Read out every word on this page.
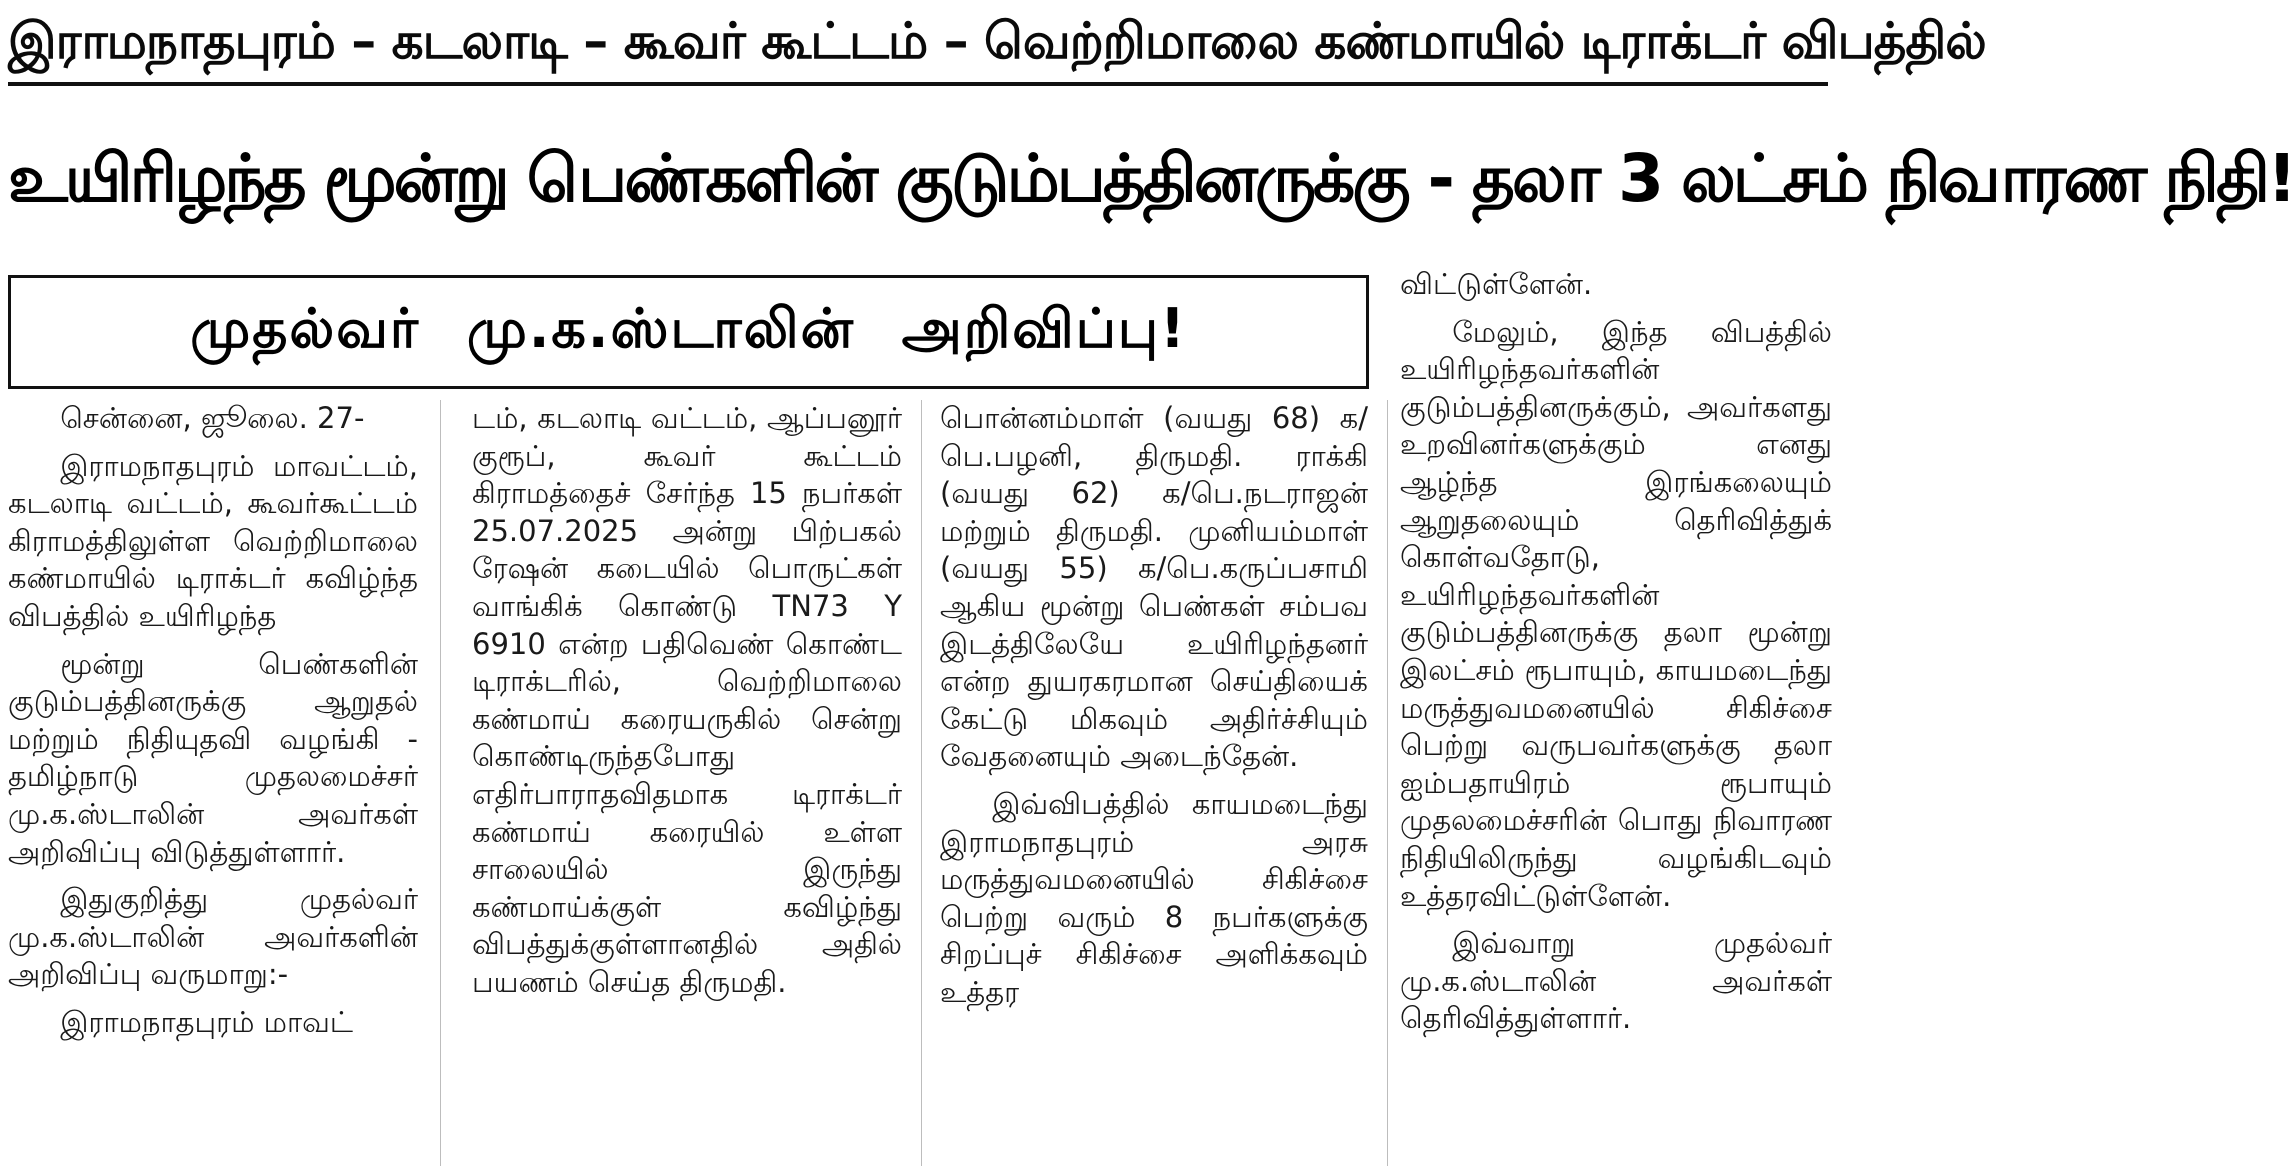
இராமநாதபுரம் – கடலாடி – கூவர் கூட்டம் – வெற்றிமாலை கண்மாயில் டிராக்டர் விபத்தில்
உயிரிழந்த மூன்று பெண்களின் குடும்பத்தினருக்கு - தலா 3 லட்சம் நிவாரண நிதி!
முதல்வர் மு.க.ஸ்டாலின் அறிவிப்பு!

சென்னை, ஜூலை. 27-

இராமநாதபுரம் மாவட்டம், கடலாடி வட்டம், கூவர்கூட்டம் கிராமத்திலுள்ள வெற்றிமாலை கண்மாயில் டிராக்டர் கவிழ்ந்த விபத்தில் உயிரிழந்த

மூன்று பெண்களின் குடும்பத்தினருக்கு ஆறுதல் மற்றும் நிதியுதவி வழங்கி - தமிழ்நாடு முதலமைச்சர் மு.க.ஸ்டாலின் அவர்கள் அறிவிப்பு விடுத்துள்ளார்.

இதுகுறித்து முதல்வர் மு.க.ஸ்டாலின் அவர்களின் அறிவிப்பு வருமாறு:-

இராமநாதபுரம் மாவட்

டம், கடலாடி வட்டம், ஆப்பனூர் குரூப், கூவர் கூட்டம் கிராமத்தைச் சேர்ந்த 15 நபர்கள் 25.07.2025 அன்று பிற்பகல் ரேஷன் கடையில் பொருட்கள் வாங்கிக் கொண்டு TN73 Y 6910 என்ற பதிவெண் கொண்ட டிராக்டரில், வெற்றிமாலை கண்மாய் கரையருகில் சென்று கொண்டிருந்தபோது எதிர்பாராதவிதமாக டிராக்டர் கண்மாய் கரையில் உள்ள சாலையில் இருந்து கண்மாய்க்குள் கவிழ்ந்து விபத்துக்குள்ளானதில் அதில் பயணம் செய்த திருமதி.

பொன்னம்மாள் (வயது 68) க/பெ.பழனி, திருமதி. ராக்கி (வயது 62) க/பெ.நடராஜன் மற்றும் திருமதி. முனியம்மாள் (வயது 55) க/பெ.கருப்பசாமி ஆகிய மூன்று பெண்கள் சம்பவ இடத்திலேயே உயிரிழந்தனர் என்ற துயரகரமான செய்தியைக் கேட்டு மிகவும் அதிர்ச்சியும் வேதனையும் அடைந்தேன்.

இவ்விபத்தில் காயமடைந்து இராமநாதபுரம் அரசு மருத்துவமனையில் சிகிச்சை பெற்று வரும் 8 நபர்களுக்கு சிறப்புச் சிகிச்சை அளிக்கவும் உத்தர

விட்டுள்ளேன்.

மேலும், இந்த விபத்தில் உயிரிழந்தவர்களின் குடும்பத்தினருக்கும், அவர்களது உறவினர்களுக்கும் எனது ஆழ்ந்த இரங்கலையும் ஆறுதலையும் தெரிவித்துக் கொள்வதோடு, உயிரிழந்தவர்களின் குடும்பத்தினருக்கு தலா மூன்று இலட்சம் ரூபாயும், காயமடைந்து மருத்துவமனையில் சிகிச்சை பெற்று வருபவர்களுக்கு தலா ஐம்பதாயிரம் ரூபாயும் முதலமைச்சரின் பொது நிவாரண நிதியிலிருந்து வழங்கிடவும் உத்தரவிட்டுள்ளேன்.

இவ்வாறு முதல்வர் மு.க.ஸ்டாலின் அவர்கள் தெரிவித்துள்ளார்.
